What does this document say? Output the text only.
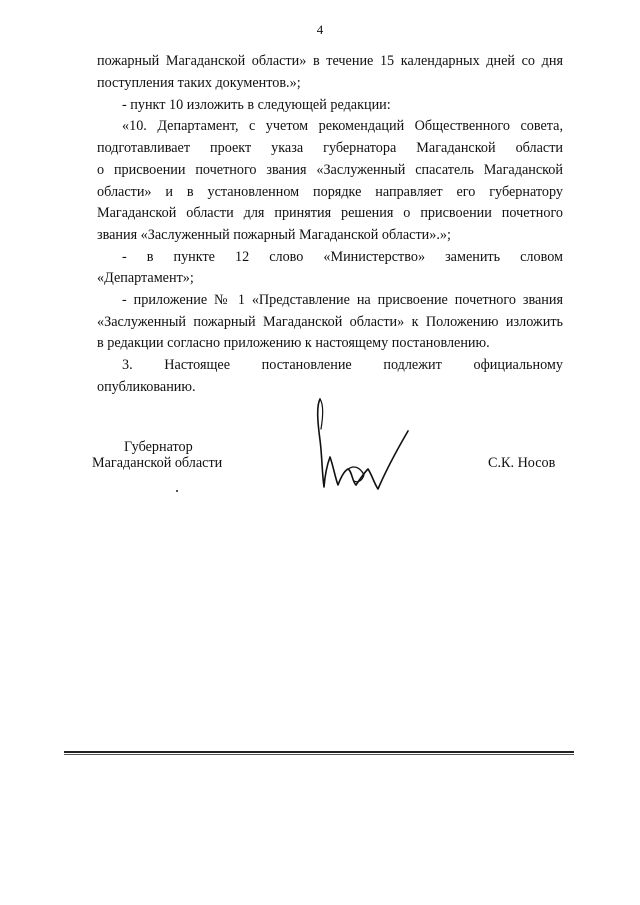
4
пожарный Магаданской области» в течение 15 календарных дней со дня
поступления таких документов.»;
- пункт 10 изложить в следующей редакции:
«10. Департамент, с учетом рекомендаций Общественного совета,
подготавливает проект указа губернатора Магаданской области
о присвоении почетного звания «Заслуженный спасатель Магаданской
области» и в установленном порядке направляет его губернатору
Магаданской области для принятия решения о присвоении почетного
звания «Заслуженный пожарный Магаданской области».»;
- в пункте 12 слово «Министерство» заменить словом
«Департамент»;
- приложение № 1 «Представление на присвоение почетного звания
«Заслуженный пожарный Магаданской области» к Положению изложить
в редакции согласно приложению к настоящему постановлению.
3. Настоящее постановление подлежит официальному
опубликованию.
Губернатор
Магаданской области	С.К. Носов
